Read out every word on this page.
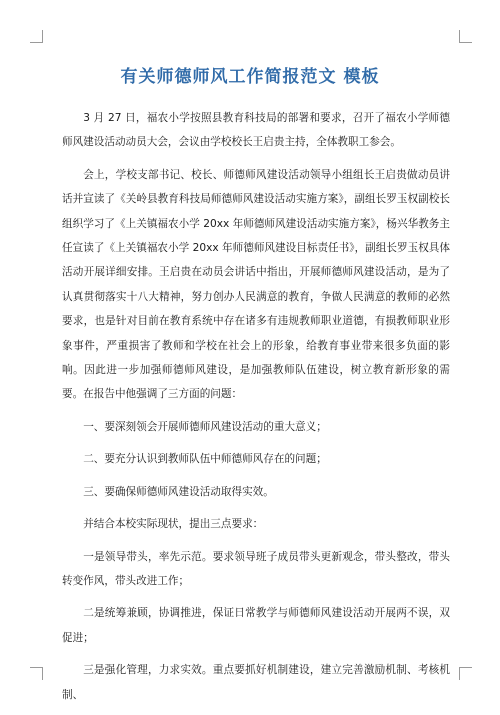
有关师德师风工作简报范文 模板

3 月 27 日，福农小学按照县教育科技局的部署和要求，召开了福农小学师德师风建设活动动员大会，会议由学校校长王启贵主持，全体教职工参会。

会上，学校支部书记、校长、师德师风建设活动领导小组组长王启贵做动员讲话并宣读了《关岭县教育科技局师德师风建设活动实施方案》，副组长罗玉权副校长组织学习了《上关镇福农小学 20xx 年师德师风建设活动实施方案》，杨兴华教务主任宣读了《上关镇福农小学 20xx 年师德师风建设目标责任书》，副组长罗玉权具体活动开展详细安排。王启贵在动员会讲话中指出，开展师德师风建设活动，是为了认真贯彻落实十八大精神，努力创办人民满意的教育，争做人民满意的教师的必然要求，也是针对目前在教育系统中存在诸多有违规教师职业道德，有损教师职业形象事件，严重损害了教师和学校在社会上的形象，给教育事业带来很多负面的影响。因此进一步加强师德师风建设，是加强教师队伍建设，树立教育新形象的需要。在报告中他强调了三方面的问题：

一、要深刻领会开展师德师风建设活动的重大意义；

二、要充分认识到教师队伍中师德师风存在的问题；

三、要确保师德师风建设活动取得实效。

并结合本校实际现状，提出三点要求：

一是领导带头，率先示范。要求领导班子成员带头更新观念，带头整改，带头转变作风，带头改进工作；

二是统筹兼顾，协调推进，保证日常教学与师德师风建设活动开展两不误，双促进；

三是强化管理，力求实效。重点要抓好机制建设，建立完善激励机制、考核机制、
